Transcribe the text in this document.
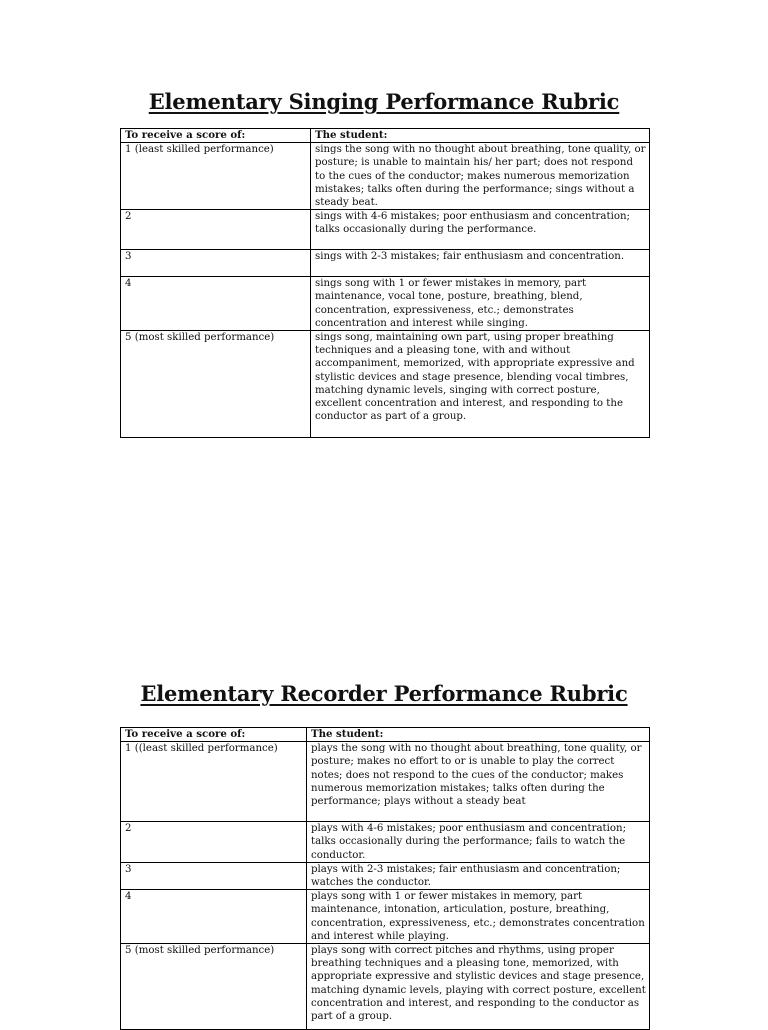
Elementary Singing Performance Rubric
To receive a score of:	The student:
1 (least skilled performance)	sings the song with no thought about breathing, tone quality, or posture; is unable to maintain his/ her part; does not respond to the cues of the conductor; makes numerous memorization mistakes; talks often during the performance; sings without a steady beat.
2	sings with 4-6 mistakes; poor enthusiasm and concentration; talks occasionally during the performance.
3	sings with 2-3 mistakes; fair enthusiasm and concentration.
4	sings song with 1 or fewer mistakes in memory, part maintenance, vocal tone, posture, breathing, blend, concentration, expressiveness, etc.; demonstrates concentration and interest while singing.
5 (most skilled performance)	sings song, maintaining own part, using proper breathing techniques and a pleasing tone, with and without accompaniment, memorized, with appropriate expressive and stylistic devices and stage presence, blending vocal timbres, matching dynamic levels, singing with correct posture, excellent concentration and interest, and responding to the conductor as part of a group.
Elementary Recorder Performance Rubric
To receive a score of:	The student:
1 ((least skilled performance)	plays the song with no thought about breathing, tone quality, or posture; makes no effort to or is unable to play the correct notes; does not respond to the cues of the conductor; makes numerous memorization mistakes; talks often during the performance; plays without a steady beat
2	plays with 4-6 mistakes; poor enthusiasm and concentration; talks occasionally during the performance; fails to watch the conductor.
3	plays with 2-3 mistakes; fair enthusiasm and concentration; watches the conductor.
4	plays song with 1 or fewer mistakes in memory, part maintenance, intonation, articulation, posture, breathing, concentration, expressiveness, etc.; demonstrates concentration and interest while playing.
5 (most skilled performance)	plays song with correct pitches and rhythms, using proper breathing techniques and a pleasing tone, memorized, with appropriate expressive and stylistic devices and stage presence, matching dynamic levels, playing with correct posture, excellent concentration and interest, and responding to the conductor as part of a group.
